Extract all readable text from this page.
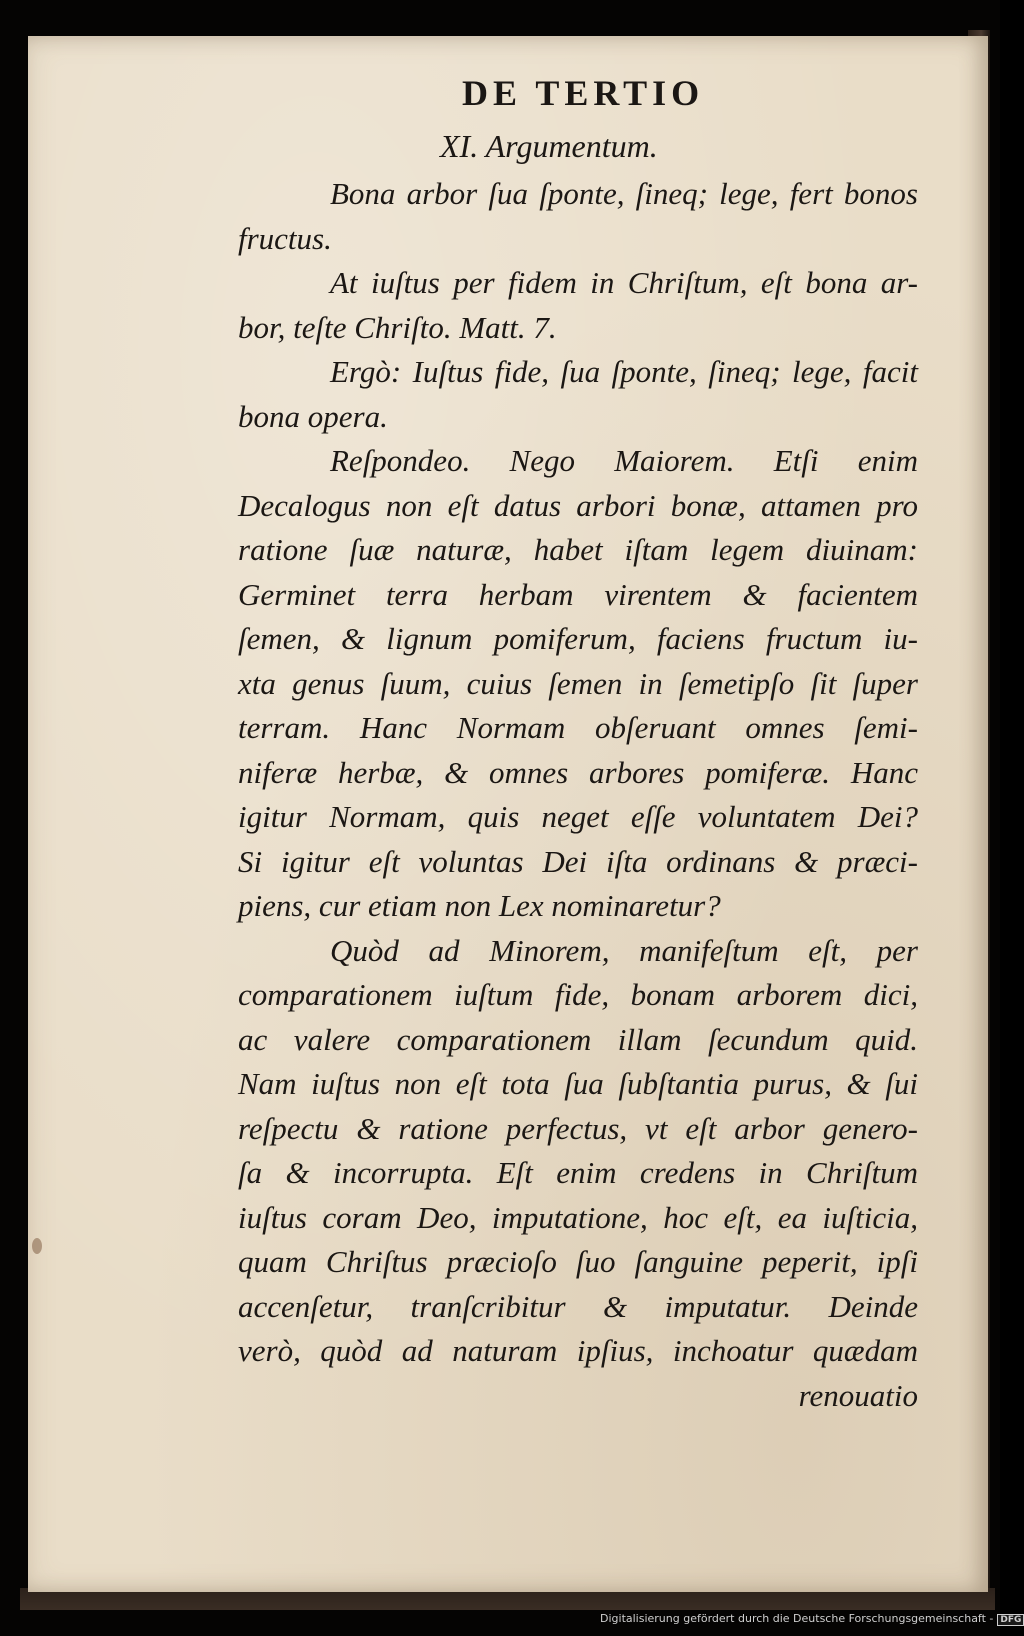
DE TERTIO
XI. Argumentum.
Bona arbor ſua ſponte, ſineq; lege, fert bonos
fructus.
At iuſtus per fidem in Chriſtum, eſt bona ar-
bor, teſte Chriſto. Matt. 7.
Ergò: Iuſtus fide, ſua ſponte, ſineq; lege, facit
bona opera.
Reſpondeo. Nego Maiorem. Etſi enim
Decalogus non eſt datus arbori bonæ, attamen pro
ratione ſuæ naturæ, habet iſtam legem diuinam:
Germinet terra herbam virentem & facientem
ſemen, & lignum pomiferum, faciens fructum iu-
xta genus ſuum, cuius ſemen in ſemetipſo ſit ſuper
terram. Hanc Normam obſeruant omnes ſemi-
niferæ herbæ, & omnes arbores pomiferæ. Hanc
igitur Normam, quis neget eſſe voluntatem Dei?
Si igitur eſt voluntas Dei iſta ordinans & præci-
piens, cur etiam non Lex nominaretur?
Quòd ad Minorem, manifeſtum eſt, per
comparationem iuſtum fide, bonam arborem dici,
ac valere comparationem illam ſecundum quid.
Nam iuſtus non eſt tota ſua ſubſtantia purus, & ſui
reſpectu & ratione perfectus, vt eſt arbor genero-
ſa & incorrupta. Eſt enim credens in Chriſtum
iuſtus coram Deo, imputatione, hoc eſt, ea iuſticia,
quam Chriſtus præcioſo ſuo ſanguine peperit, ipſi
accenſetur, tranſcribitur & imputatur. Deinde
verò, quòd ad naturam ipſius, inchoatur quædam
renouatio
Digitalisierung gefördert durch die Deutsche Forschungsgemeinschaft - DFG
